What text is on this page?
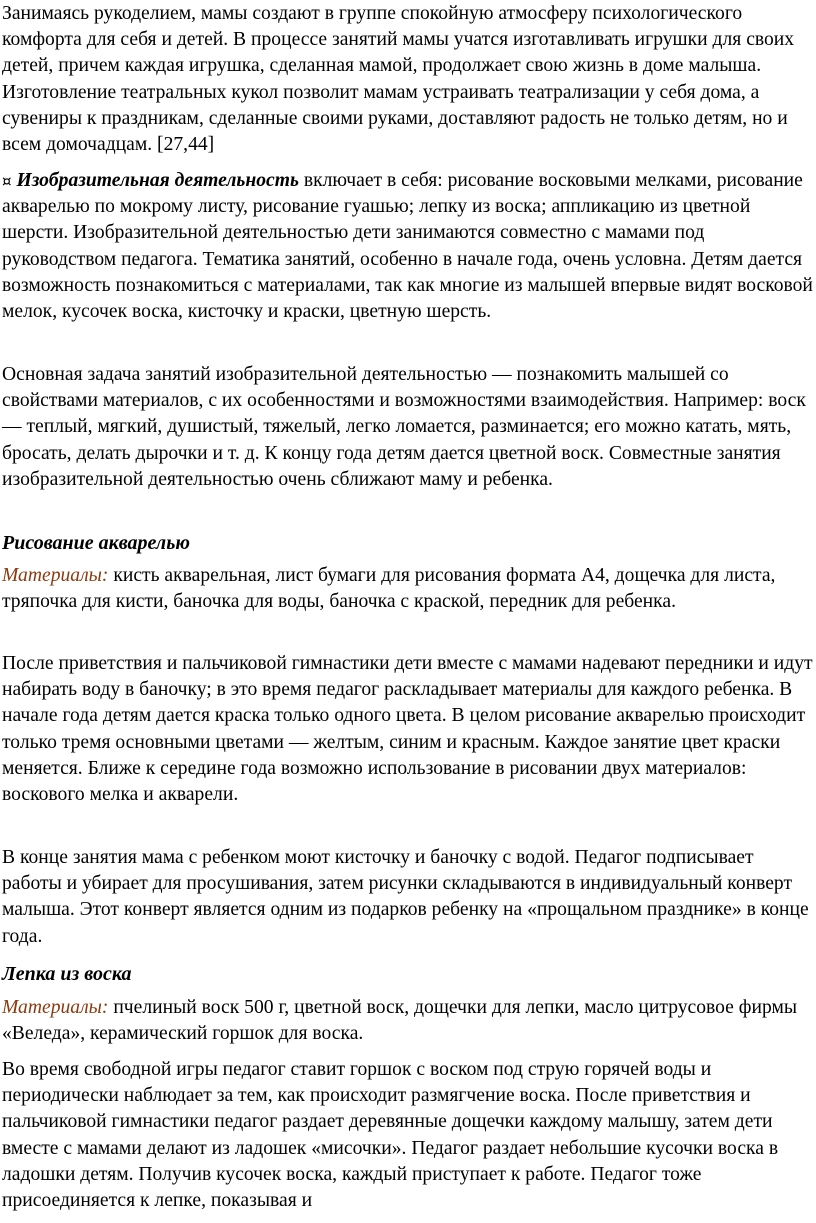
Занимаясь рукоделием, мамы создают в группе спокойную атмосферу психологического комфорта для себя и детей. В процессе занятий мамы учатся изготавливать игрушки для своих детей, причем каждая игрушка, сделанная мамой, продолжает свою жизнь в доме малыша. Изготовление театральных кукол позволит мамам устраивать театрализации у себя дома, а сувениры к праздникам, сделанные своими руками, доставляют радость не только детям, но и всем домочадцам. [27,44]

¤ Изобразительная деятельность включает в себя: рисование восковыми мелками, рисование акварелью по мокрому листу, рисование гуашью; лепку из воска; аппликацию из цветной шерсти. Изобразительной деятельностью дети занимаются совместно с мамами под руководством педагога. Тематика занятий, особенно в начале года, очень условна. Детям дается возможность познакомиться с материалами, так как многие из малышей впервые видят восковой мелок, кусочек воска, кисточку и краски, цветную шерсть.

Основная задача занятий изобразительной деятельностью — познакомить малышей со свойствами материалов, с их особенностями и возможностями взаимодействия. Например: воск — теплый, мягкий, душистый, тяжелый, легко ломается, разминается; его можно катать, мять, бросать, делать дырочки и т. д. К концу года детям дается цветной воск. Совместные занятия изобразительной деятельностью очень сближают маму и ребенка.

Рисование акварелью

Материалы: кисть акварельная, лист бумаги для рисования формата А4, дощечка для листа, тряпочка для кисти, баночка для воды, баночка с краской, передник для ребенка.

После приветствия и пальчиковой гимнастики дети вместе с мамами надевают передники и идут набирать воду в баночку; в это время педагог раскладывает материалы для каждого ребенка. В начале года детям дается краска только одного цвета. В целом рисование акварелью происходит только тремя основными цветами — желтым, синим и красным. Каждое занятие цвет краски меняется. Ближе к середине года возможно использование в рисовании двух материалов: воскового мелка и акварели.

В конце занятия мама с ребенком моют кисточку и баночку с водой. Педагог подписывает работы и убирает для просушивания, затем рисунки складываются в индивидуальный конверт малыша. Этот конверт является одним из подарков ребенку на «прощальном празднике» в конце года.

Лепка из воска

Материалы: пчелиный воск 500 г, цветной воск, дощечки для лепки, масло цитрусовое фирмы «Веледа», керамический горшок для воска.

Во время свободной игры педагог ставит горшок с воском под струю горячей воды и периодически наблюдает за тем, как происходит размягчение воска. После приветствия и пальчиковой гимнастики педагог раздает деревянные дощечки каждому малышу, затем дети вместе с мамами делают из ладошек «мисочки». Педагог раздает небольшие кусочки воска в ладошки детям. Получив кусочек воска, каждый приступает к работе. Педагог тоже присоединяется к лепке, показывая и
